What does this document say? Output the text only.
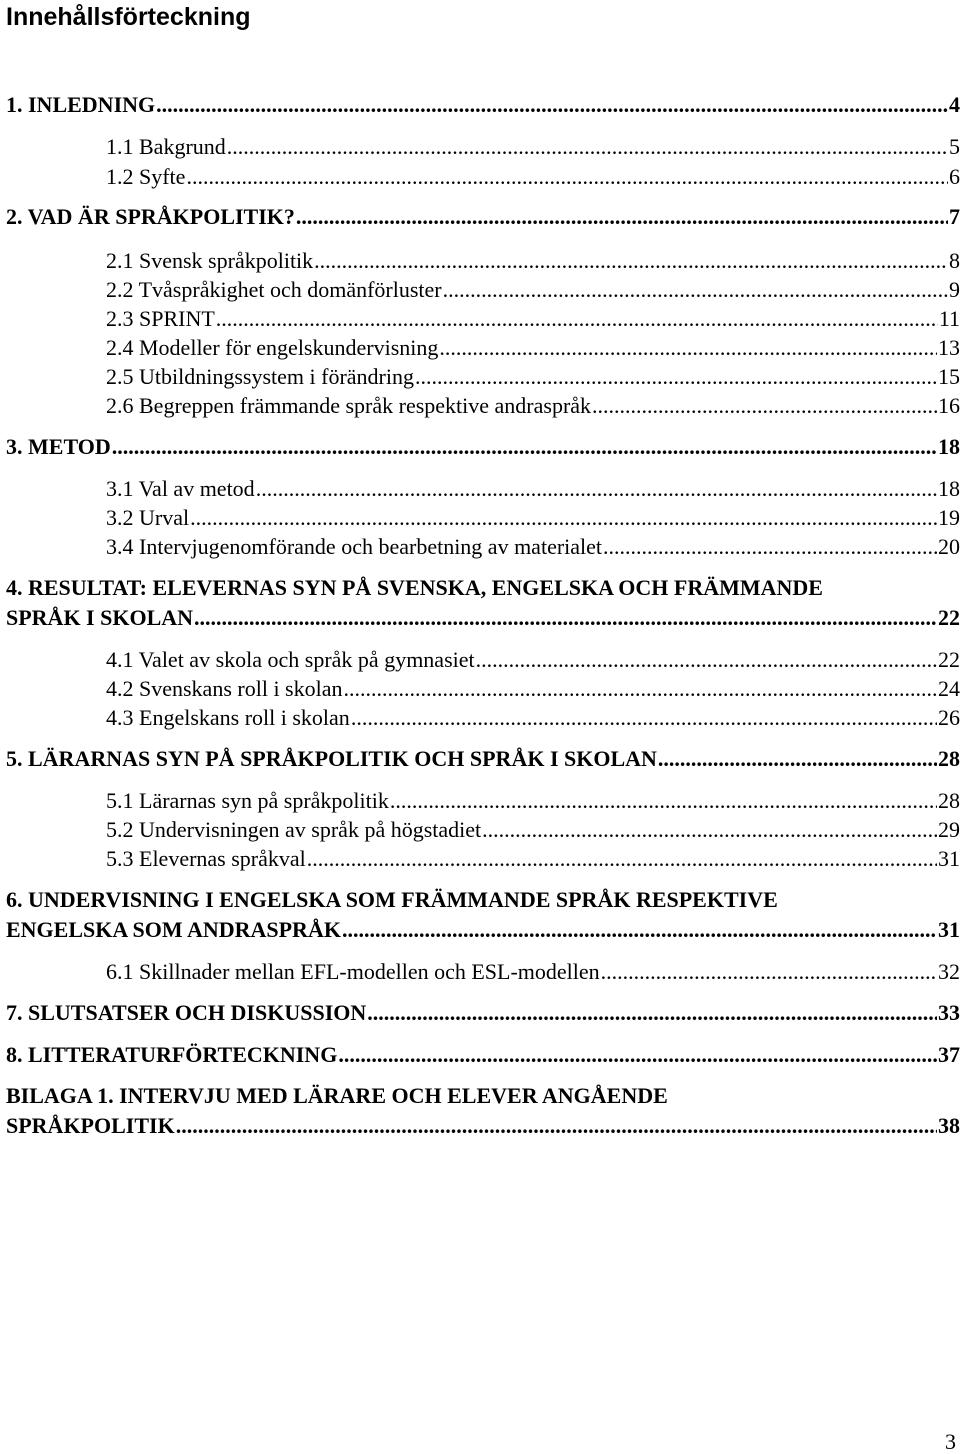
Innehållsförteckning
1. INLEDNING .....	4
1.1 Bakgrund .....	5
1.2 Syfte .....	6
2. VAD ÄR SPRÅKPOLITIK? .....	7
2.1 Svensk språkpolitik .....	8
2.2 Tvåspråkighet och domänförluster .....	9
2.3 SPRINT .....	11
2.4 Modeller för engelskundervisning .....	13
2.5 Utbildningssystem i förändring .....	15
2.6 Begreppen främmande språk respektive andraspråk .....	16
3. METOD .....	18
3.1 Val av metod .....	18
3.2 Urval .....	19
3.4 Intervjugenomförande och bearbetning av materialet .....	20
4. RESULTAT: ELEVERNAS SYN PÅ SVENSKA, ENGELSKA OCH FRÄMMANDE
SPRÅK I SKOLAN .....	22
4.1 Valet av skola och språk på gymnasiet .....	22
4.2 Svenskans roll i skolan .....	24
4.3 Engelskans roll i skolan .....	26
5. LÄRARNAS SYN PÅ SPRÅKPOLITIK OCH SPRÅK I SKOLAN .....	28
5.1 Lärarnas syn på språkpolitik .....	28
5.2 Undervisningen av språk på högstadiet .....	29
5.3 Elevernas språkval .....	31
6. UNDERVISNING I ENGELSKA SOM FRÄMMANDE SPRÅK RESPEKTIVE
ENGELSKA SOM ANDRASPRÅK .....	31
6.1 Skillnader mellan EFL-modellen och ESL-modellen .....	32
7. SLUTSATSER OCH DISKUSSION .....	33
8. LITTERATURFÖRTECKNING .....	37
BILAGA 1. INTERVJU MED LÄRARE OCH ELEVER ANGÅENDE
SPRÅKPOLITIK .....	38
3
